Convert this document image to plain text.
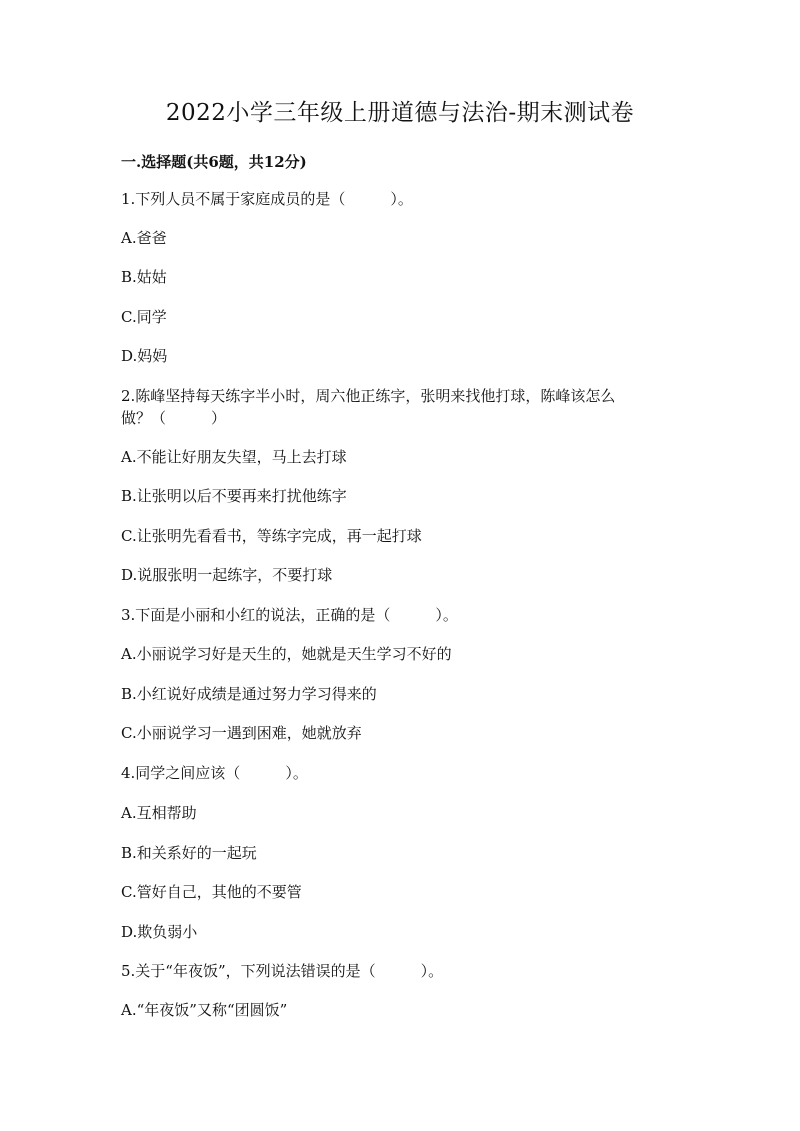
2022小学三年级上册道德与法治-期末测试卷
一.选择题(共6题，共12分)
1.下列人员不属于家庭成员的是（　　　）。
A.爸爸
B.姑姑
C.同学
D.妈妈
2.陈峰坚持每天练字半小时，周六他正练字，张明来找他打球，陈峰该怎么
做？（　　　）
A.不能让好朋友失望，马上去打球
B.让张明以后不要再来打扰他练字
C.让张明先看看书，等练字完成，再一起打球
D.说服张明一起练字，不要打球
3.下面是小丽和小红的说法，正确的是（　　　）。
A.小丽说学习好是天生的，她就是天生学习不好的
B.小红说好成绩是通过努力学习得来的
C.小丽说学习一遇到困难，她就放弃
4.同学之间应该（　　　）。
A.互相帮助
B.和关系好的一起玩
C.管好自己，其他的不要管
D.欺负弱小
5.关于“年夜饭”，下列说法错误的是（　　　）。
A.“年夜饭”又称“团圆饭”
